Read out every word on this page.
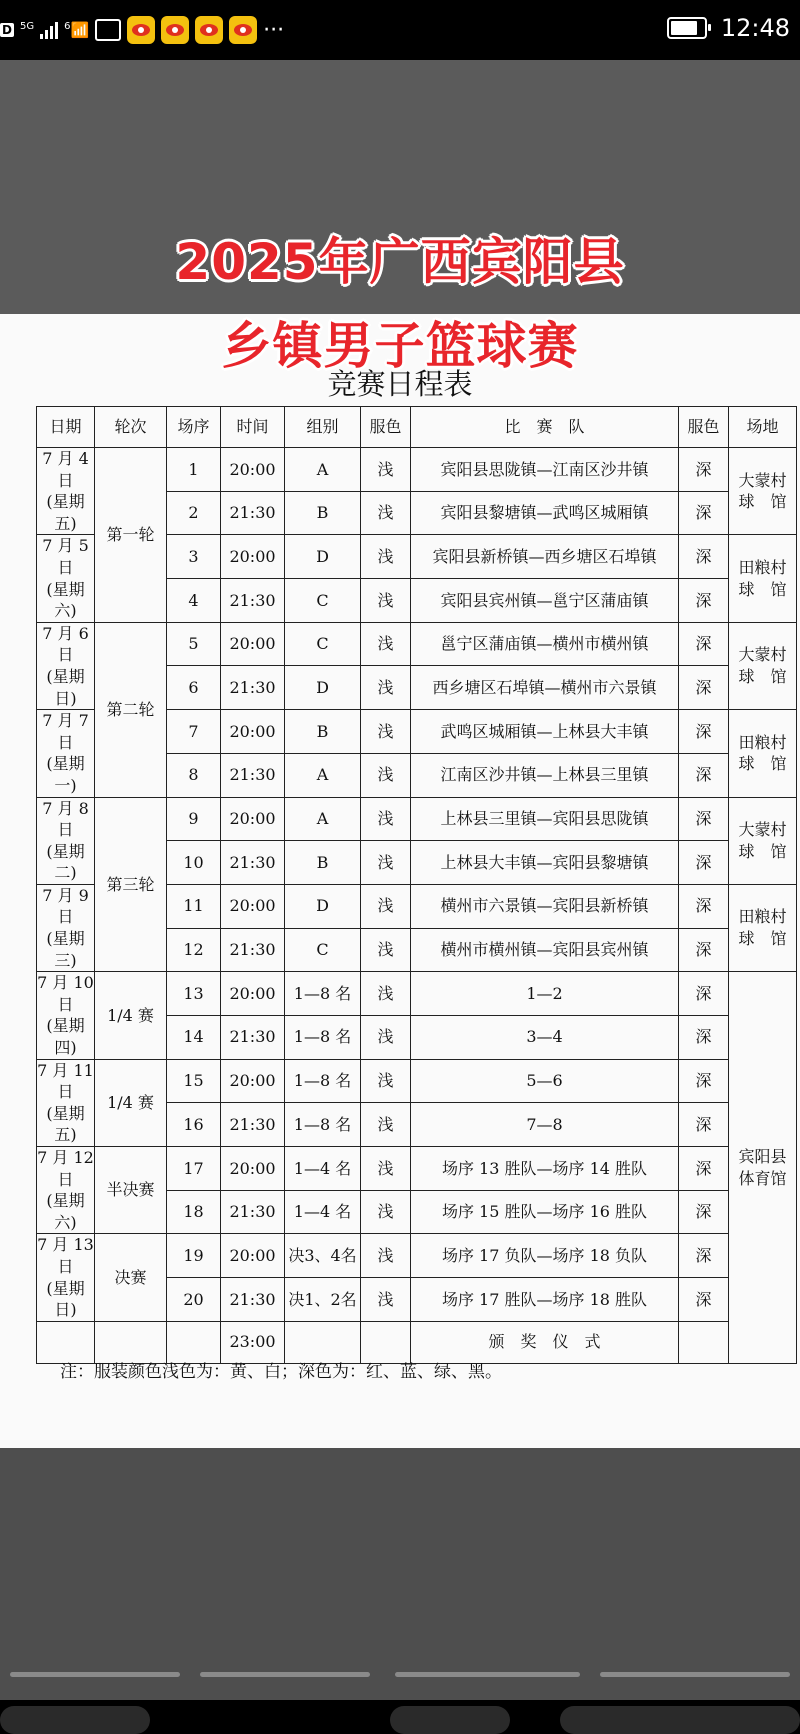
D $^{5G}$	$^6$📶	···	12:48
竞赛日程表
日期	轮次	场序	时间	组别	服色	比　赛　队	服色	场地

7 月 4 日
(星期五)	第一轮	1	20:00	A	浅	宾阳县思陇镇—江南区沙井镇	深	大蒙村
球　馆

		2	21:30	B	浅	宾阳县黎塘镇—武鸣区城厢镇	深	

7 月 5 日
(星期六)		3	20:00	D	浅	宾阳县新桥镇—西乡塘区石埠镇	深	田粮村
球　馆

		4	21:30	C	浅	宾阳县宾州镇—邕宁区蒲庙镇	深	

7 月 6 日
(星期日)	第二轮	5	20:00	C	浅	邕宁区蒲庙镇—横州市横州镇	深	大蒙村
球　馆

		6	21:30	D	浅	西乡塘区石埠镇—横州市六景镇	深	

7 月 7 日
(星期一)		7	20:00	B	浅	武鸣区城厢镇—上林县大丰镇	深	田粮村
球　馆

		8	21:30	A	浅	江南区沙井镇—上林县三里镇	深	

7 月 8 日
(星期二)	第三轮	9	20:00	A	浅	上林县三里镇—宾阳县思陇镇	深	大蒙村
球　馆

		10	21:30	B	浅	上林县大丰镇—宾阳县黎塘镇	深	

7 月 9 日
(星期三)		11	20:00	D	浅	横州市六景镇—宾阳县新桥镇	深	田粮村
球　馆

		12	21:30	C	浅	横州市横州镇—宾阳县宾州镇	深	

7 月 10 日
(星期四)	1/4 赛	13	20:00	1—8 名	浅	1—2	深	宾阳县
体育馆

		14	21:30	1—8 名	浅	3—4	深	

7 月 11 日
(星期五)	1/4 赛	15	20:00	1—8 名	浅	5—6	深	
		16	21:30	1—8 名	浅	7—8	深	

7 月 12 日
(星期六)	半决赛	17	20:00	1—4 名	浅	场序 13 胜队—场序 14 胜队	深	
		18	21:30	1—4 名	浅	场序 15 胜队—场序 16 胜队	深	

7 月 13 日
(星期日)	决赛	19	20:00	决3、4名	浅	场序 17 负队—场序 18 负队	深	
		20	21:30	决1、2名	浅	场序 17 胜队—场序 18 胜队	深	
			23:00			颁　奖　仪　式		
注：服装颜色浅色为：黄、白；深色为：红、蓝、绿、黑。
2025年广西宾阳县
乡镇男子篮球赛
